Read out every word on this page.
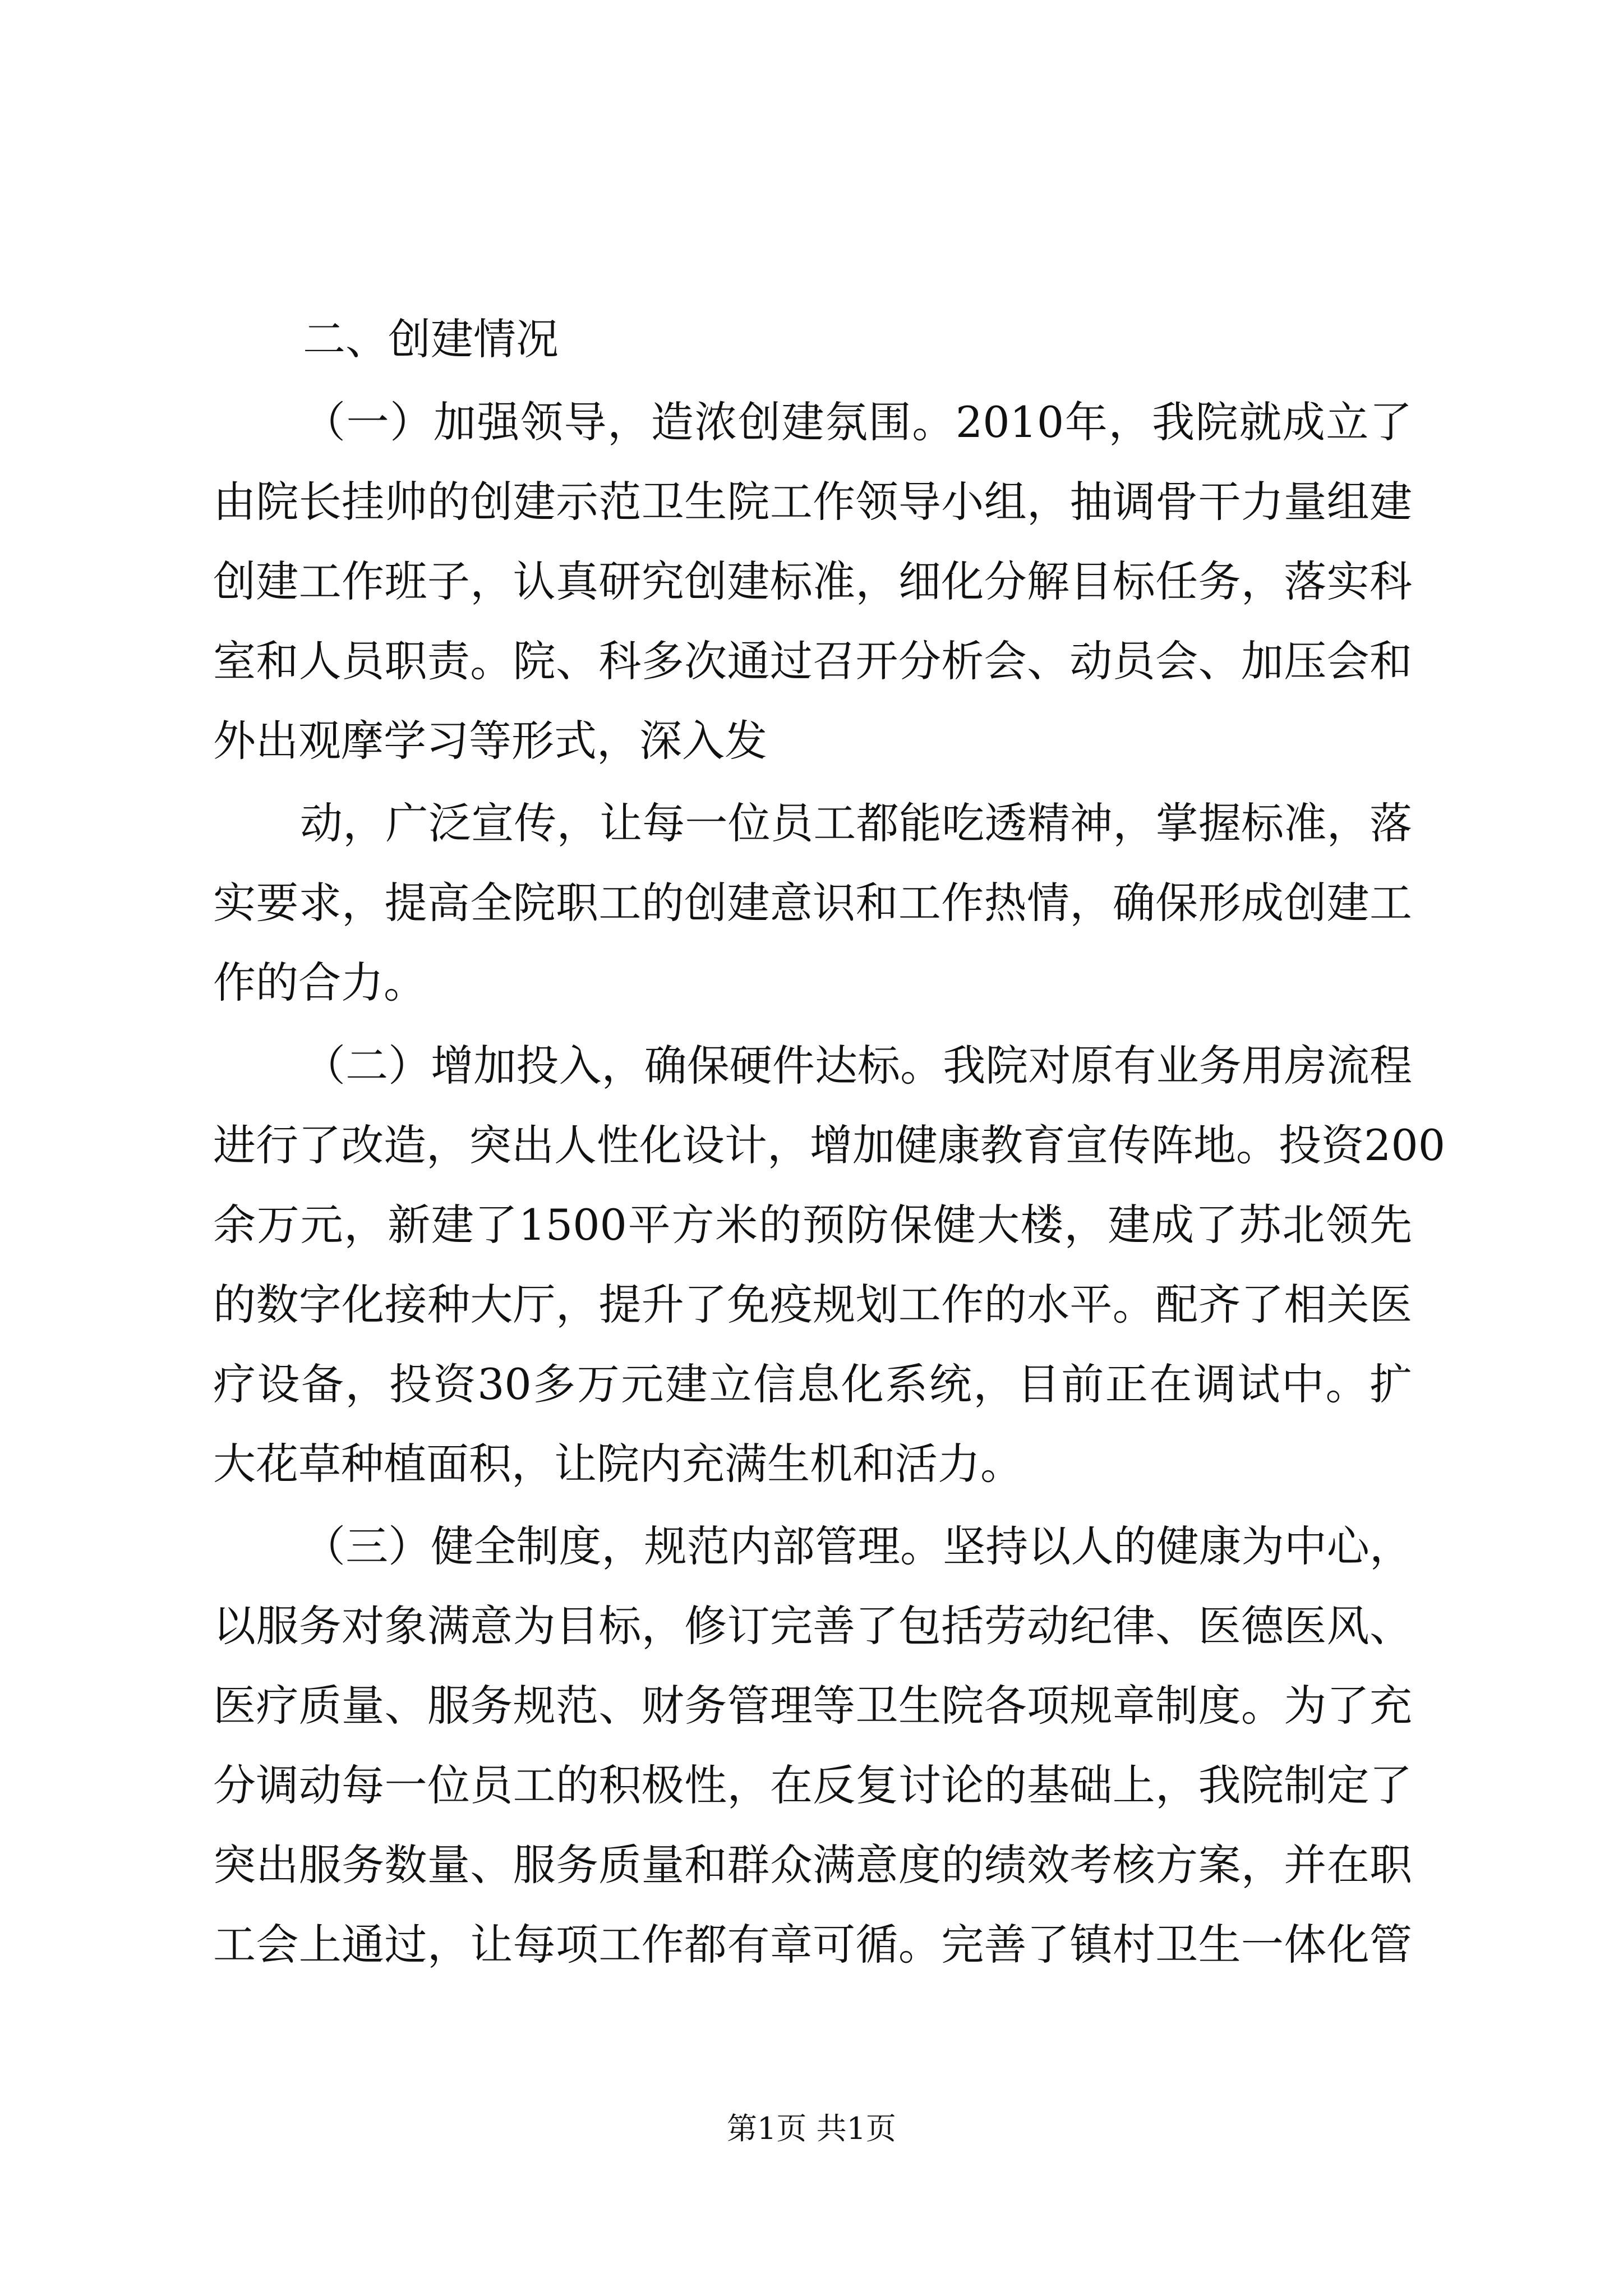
二、创建情况
（一）加强领导，造浓创建氛围。2010年，我院就成立了
由院长挂帅的创建示范卫生院工作领导小组，抽调骨干力量组建
创建工作班子，认真研究创建标准，细化分解目标任务，落实科
室和人员职责。院、科多次通过召开分析会、动员会、加压会和
外出观摩学习等形式，深入发
动，广泛宣传，让每一位员工都能吃透精神，掌握标准，落
实要求，提高全院职工的创建意识和工作热情，确保形成创建工
作的合力。
（二）增加投入，确保硬件达标。我院对原有业务用房流程
进行了改造，突出人性化设计，增加健康教育宣传阵地。投资200
余万元，新建了1500平方米的预防保健大楼，建成了苏北领先
的数字化接种大厅，提升了免疫规划工作的水平。配齐了相关医
疗设备，投资30多万元建立信息化系统，目前正在调试中。扩
大花草种植面积，让院内充满生机和活力。
（三）健全制度，规范内部管理。坚持以人的健康为中心，
以服务对象满意为目标，修订完善了包括劳动纪律、医德医风、
医疗质量、服务规范、财务管理等卫生院各项规章制度。为了充
分调动每一位员工的积极性，在反复讨论的基础上，我院制定了
突出服务数量、服务质量和群众满意度的绩效考核方案，并在职
工会上通过，让每项工作都有章可循。完善了镇村卫生一体化管
第1页 共1页
